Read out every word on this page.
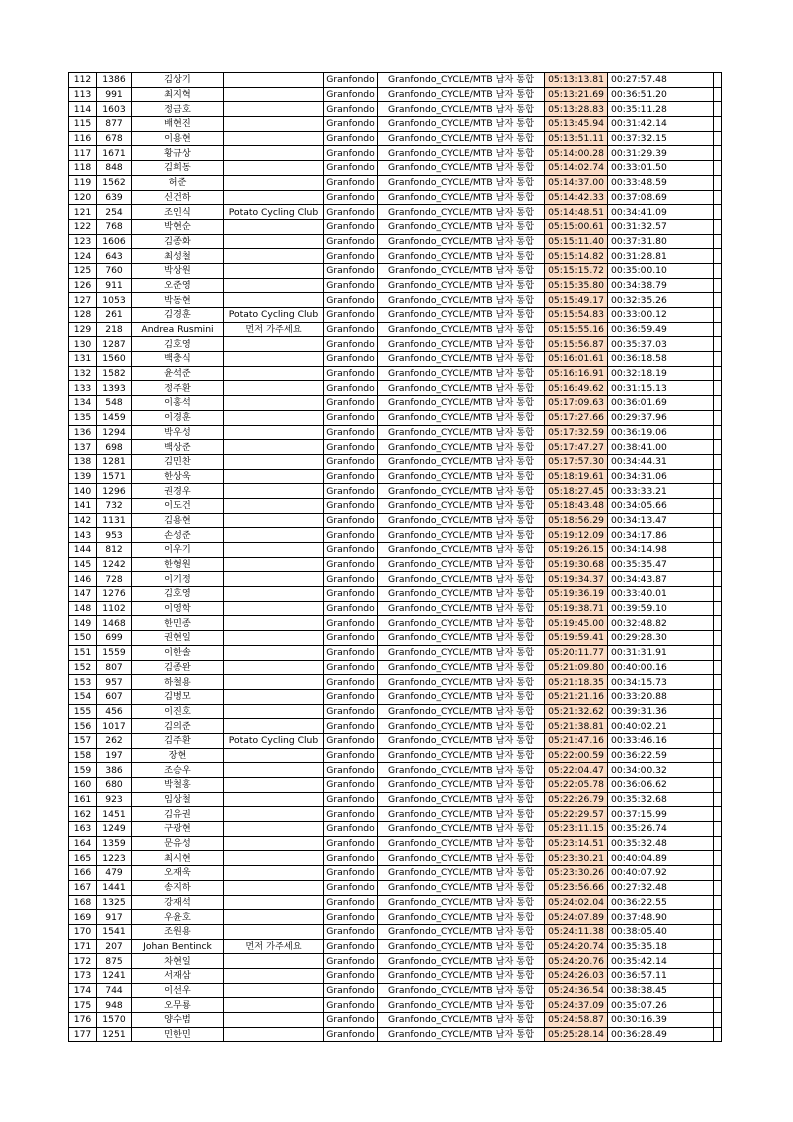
112	1386	김상기		Granfondo	Granfondo_CYCLE/MTB 남자 통합	05:13:13.81	00:27:57.48	
113	991	최지혁		Granfondo	Granfondo_CYCLE/MTB 남자 통합	05:13:21.69	00:36:51.20	
114	1603	정금호		Granfondo	Granfondo_CYCLE/MTB 남자 통합	05:13:28.83	00:35:11.28	
115	877	배현진		Granfondo	Granfondo_CYCLE/MTB 남자 통합	05:13:45.94	00:31:42.14	
116	678	이용현		Granfondo	Granfondo_CYCLE/MTB 남자 통합	05:13:51.11	00:37:32.15	
117	1671	황규상		Granfondo	Granfondo_CYCLE/MTB 남자 통합	05:14:00.28	00:31:29.39	
118	848	김희동		Granfondo	Granfondo_CYCLE/MTB 남자 통합	05:14:02.74	00:33:01.50	
119	1562	허준		Granfondo	Granfondo_CYCLE/MTB 남자 통합	05:14:37.00	00:33:48.59	
120	639	신건하		Granfondo	Granfondo_CYCLE/MTB 남자 통합	05:14:42.33	00:37:08.69	
121	254	조인식	Potato Cycling Club	Granfondo	Granfondo_CYCLE/MTB 남자 통합	05:14:48.51	00:34:41.09	
122	768	박현순		Granfondo	Granfondo_CYCLE/MTB 남자 통합	05:15:00.61	00:31:32.57	
123	1606	김종화		Granfondo	Granfondo_CYCLE/MTB 남자 통합	05:15:11.40	00:37:31.80	
124	643	최성철		Granfondo	Granfondo_CYCLE/MTB 남자 통합	05:15:14.82	00:31:28.81	
125	760	박상원		Granfondo	Granfondo_CYCLE/MTB 남자 통합	05:15:15.72	00:35:00.10	
126	911	오준영		Granfondo	Granfondo_CYCLE/MTB 남자 통합	05:15:35.80	00:34:38.79	
127	1053	박동현		Granfondo	Granfondo_CYCLE/MTB 남자 통합	05:15:49.17	00:32:35.26	
128	261	김경훈	Potato Cycling Club	Granfondo	Granfondo_CYCLE/MTB 남자 통합	05:15:54.83	00:33:00.12	
129	218	Andrea Rusmini	먼저 가주세요	Granfondo	Granfondo_CYCLE/MTB 남자 통합	05:15:55.16	00:36:59.49	
130	1287	김호영		Granfondo	Granfondo_CYCLE/MTB 남자 통합	05:15:56.87	00:35:37.03	
131	1560	백충식		Granfondo	Granfondo_CYCLE/MTB 남자 통합	05:16:01.61	00:36:18.58	
132	1582	윤석준		Granfondo	Granfondo_CYCLE/MTB 남자 통합	05:16:16.91	00:32:18.19	
133	1393	정주환		Granfondo	Granfondo_CYCLE/MTB 남자 통합	05:16:49.62	00:31:15.13	
134	548	이홍석		Granfondo	Granfondo_CYCLE/MTB 남자 통합	05:17:09.63	00:36:01.69	
135	1459	이경훈		Granfondo	Granfondo_CYCLE/MTB 남자 통합	05:17:27.66	00:29:37.96	
136	1294	박우성		Granfondo	Granfondo_CYCLE/MTB 남자 통합	05:17:32.59	00:36:19.06	
137	698	백상준		Granfondo	Granfondo_CYCLE/MTB 남자 통합	05:17:47.27	00:38:41.00	
138	1281	김민찬		Granfondo	Granfondo_CYCLE/MTB 남자 통합	05:17:57.30	00:34:44.31	
139	1571	한상욱		Granfondo	Granfondo_CYCLE/MTB 남자 통합	05:18:19.61	00:34:31.06	
140	1296	권경우		Granfondo	Granfondo_CYCLE/MTB 남자 통합	05:18:27.45	00:33:33.21	
141	732	이도건		Granfondo	Granfondo_CYCLE/MTB 남자 통합	05:18:43.48	00:34:05.66	
142	1131	김용현		Granfondo	Granfondo_CYCLE/MTB 남자 통합	05:18:56.29	00:34:13.47	
143	953	손성준		Granfondo	Granfondo_CYCLE/MTB 남자 통합	05:19:12.09	00:34:17.86	
144	812	이우기		Granfondo	Granfondo_CYCLE/MTB 남자 통합	05:19:26.15	00:34:14.98	
145	1242	한형원		Granfondo	Granfondo_CYCLE/MTB 남자 통합	05:19:30.68	00:35:35.47	
146	728	이기정		Granfondo	Granfondo_CYCLE/MTB 남자 통합	05:19:34.37	00:34:43.87	
147	1276	김호영		Granfondo	Granfondo_CYCLE/MTB 남자 통합	05:19:36.19	00:33:40.01	
148	1102	이영학		Granfondo	Granfondo_CYCLE/MTB 남자 통합	05:19:38.71	00:39:59.10	
149	1468	한민종		Granfondo	Granfondo_CYCLE/MTB 남자 통합	05:19:45.00	00:32:48.82	
150	699	권현일		Granfondo	Granfondo_CYCLE/MTB 남자 통합	05:19:59.41	00:29:28.30	
151	1559	이한솔		Granfondo	Granfondo_CYCLE/MTB 남자 통합	05:20:11.77	00:31:31.91	
152	807	김종완		Granfondo	Granfondo_CYCLE/MTB 남자 통합	05:21:09.80	00:40:00.16	
153	957	하철용		Granfondo	Granfondo_CYCLE/MTB 남자 통합	05:21:18.35	00:34:15.73	
154	607	김병모		Granfondo	Granfondo_CYCLE/MTB 남자 통합	05:21:21.16	00:33:20.88	
155	456	이진호		Granfondo	Granfondo_CYCLE/MTB 남자 통합	05:21:32.62	00:39:31.36	
156	1017	김의준		Granfondo	Granfondo_CYCLE/MTB 남자 통합	05:21:38.81	00:40:02.21	
157	262	김주환	Potato Cycling Club	Granfondo	Granfondo_CYCLE/MTB 남자 통합	05:21:47.16	00:33:46.16	
158	197	장현		Granfondo	Granfondo_CYCLE/MTB 남자 통합	05:22:00.59	00:36:22.59	
159	386	조승우		Granfondo	Granfondo_CYCLE/MTB 남자 통합	05:22:04.47	00:34:00.32	
160	680	박철홍		Granfondo	Granfondo_CYCLE/MTB 남자 통합	05:22:05.78	00:36:06.62	
161	923	임상철		Granfondo	Granfondo_CYCLE/MTB 남자 통합	05:22:26.79	00:35:32.68	
162	1451	김유권		Granfondo	Granfondo_CYCLE/MTB 남자 통합	05:22:29.57	00:37:15.99	
163	1249	구광현		Granfondo	Granfondo_CYCLE/MTB 남자 통합	05:23:11.15	00:35:26.74	
164	1359	문유성		Granfondo	Granfondo_CYCLE/MTB 남자 통합	05:23:14.51	00:35:32.48	
165	1223	최시현		Granfondo	Granfondo_CYCLE/MTB 남자 통합	05:23:30.21	00:40:04.89	
166	479	오재욱		Granfondo	Granfondo_CYCLE/MTB 남자 통합	05:23:30.26	00:40:07.92	
167	1441	송지하		Granfondo	Granfondo_CYCLE/MTB 남자 통합	05:23:56.66	00:27:32.48	
168	1325	강재석		Granfondo	Granfondo_CYCLE/MTB 남자 통합	05:24:02.04	00:36:22.55	
169	917	우윤호		Granfondo	Granfondo_CYCLE/MTB 남자 통합	05:24:07.89	00:37:48.90	
170	1541	조원용		Granfondo	Granfondo_CYCLE/MTB 남자 통합	05:24:11.38	00:38:05.40	
171	207	Johan Bentinck	먼저 가주세요	Granfondo	Granfondo_CYCLE/MTB 남자 통합	05:24:20.74	00:35:35.18	
172	875	차현일		Granfondo	Granfondo_CYCLE/MTB 남자 통합	05:24:20.76	00:35:42.14	
173	1241	서재삼		Granfondo	Granfondo_CYCLE/MTB 남자 통합	05:24:26.03	00:36:57.11	
174	744	이선우		Granfondo	Granfondo_CYCLE/MTB 남자 통합	05:24:36.54	00:38:38.45	
175	948	오무룡		Granfondo	Granfondo_CYCLE/MTB 남자 통합	05:24:37.09	00:35:07.26	
176	1570	양수범		Granfondo	Granfondo_CYCLE/MTB 남자 통합	05:24:58.87	00:30:16.39	
177	1251	민한민		Granfondo	Granfondo_CYCLE/MTB 남자 통합	05:25:28.14	00:36:28.49	
